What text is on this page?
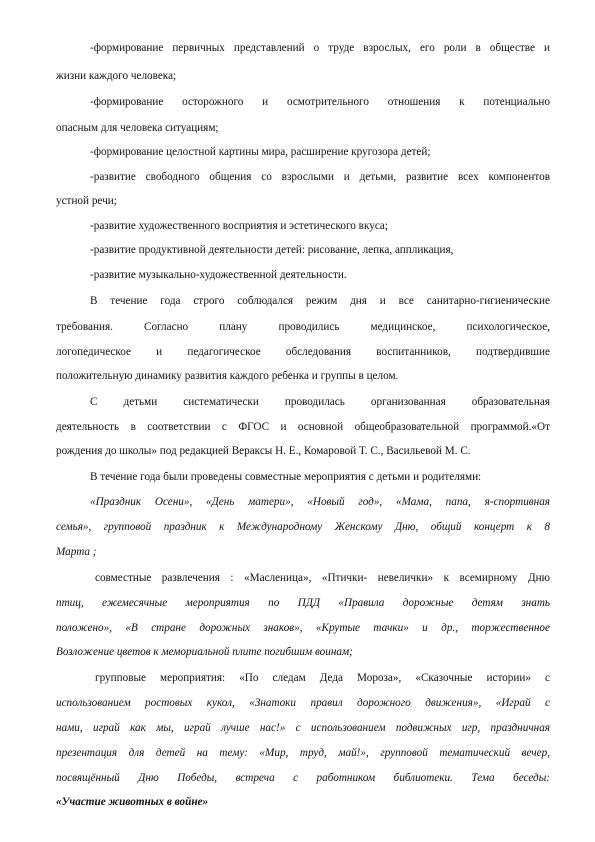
-формирование первичных представлений о труде взрослых, его роли в обществе и
жизни каждого человека;
-формирование осторожного и осмотрительного отношения к потенциально
опасным для человека ситуациям;
-формирование целостной картины мира, расширение кругозора детей;
-развитие свободного общения со взрослыми и детьми, развитие всех компонентов
устной речи;
-развитие художественного восприятия и эстетического вкуса;
-развитие продуктивной деятельности детей: рисование, лепка, аппликация,
-развитие музыкально-художественной деятельности.
В течение года строго соблюдался режим дня и все санитарно-гигиенические
требования. Согласно плану проводились медицинское, психологическое,
логопедическое и педагогическое обследования воспитанников, подтвердившие
положительную динамику развития каждого ребенка и группы в целом.
С детьми систематически проводилась организованная образовательная
деятельность в соответствии с ФГОС и основной общеобразовательной программой.«От
рождения до школы» под редакцией Вераксы Н. Е., Комаровой Т. С., Васильевой М. С.
В течение года были проведены совместные мероприятия с детьми и родителями:
«Праздник Осени», «День матери», «Новый год», «Мама, папа, я-спортивная
семья», групповой праздник к Международному Женскому Дню, общий концерт к 8
Марта ;
совместные развлечения : «Масленица», «Птички- невелички» к всемирному Дню
птиц, ежемесячные мероприятия по ПДД «Правила дорожные детям знать
положено», «В стране дорожных знаков», «Крутые тачки» и др., торжественное
Возложение цветов к мемориальной плите погибшим воинам;
групповые мероприятия: «По следам Деда Мороза», «Сказочные истории» с
использованием ростовых кукол, «Знатоки правил дорожного движения», «Играй с
нами, играй как мы, играй лучше нас!» с использованием подвижных игр, праздничная
презентация для детей на тему: «Мир, труд, май!», групповой тематический вечер,
посвящённый Дню Победы, встреча с работником библиотеки. Тема беседы:
«Участие животных в войне»
